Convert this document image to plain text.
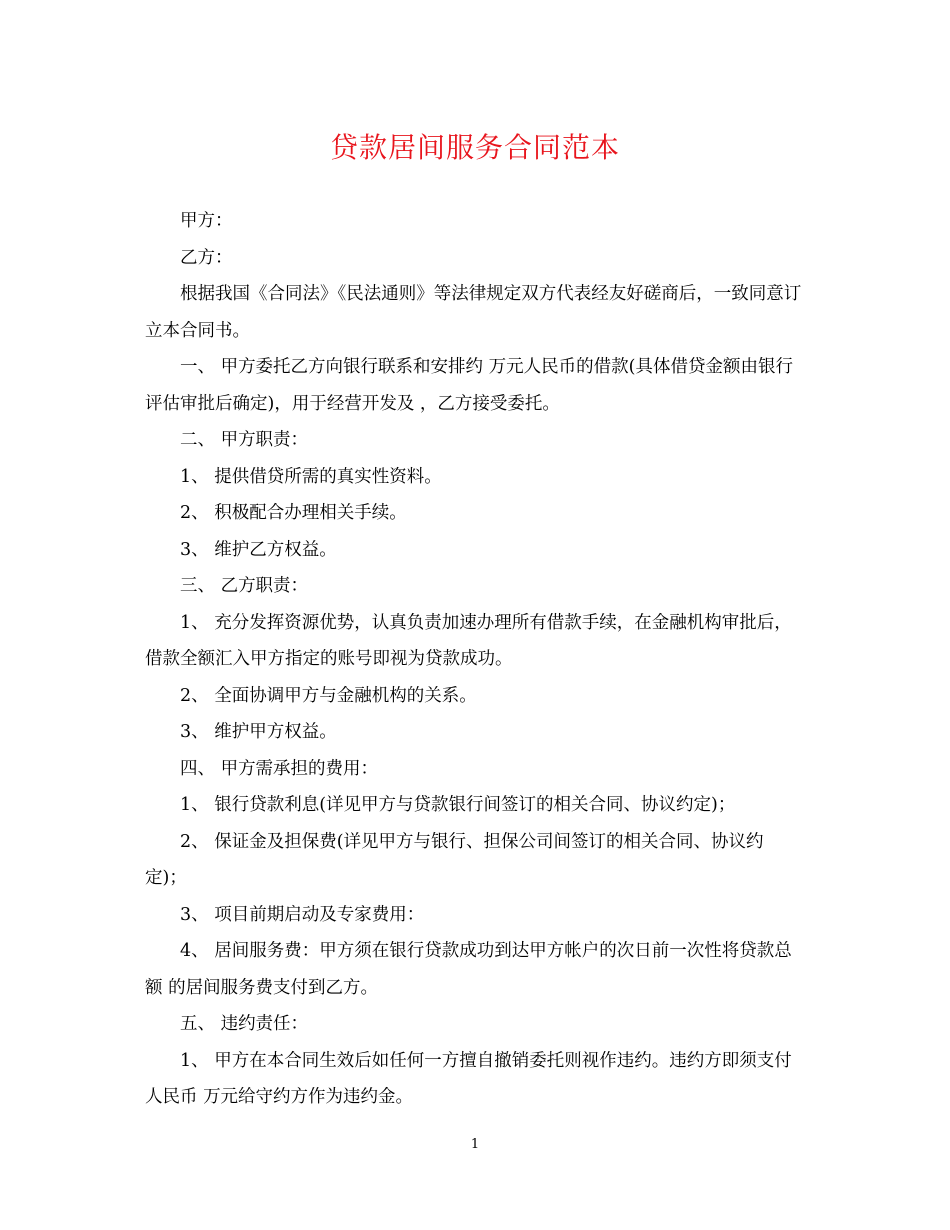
贷款居间服务合同范本

甲方：

乙方：

根据我国《合同法》《民法通则》等法律规定双方代表经友好磋商后，一致同意订立本合同书。

一、 甲方委托乙方向银行联系和安排约 万元人民币的借款(具体借贷金额由银行评估审批后确定)，用于经营开发及 ，乙方接受委托。

二、 甲方职责：

1、 提供借贷所需的真实性资料。

2、 积极配合办理相关手续。

3、 维护乙方权益。

三、 乙方职责：

1、 充分发挥资源优势，认真负责加速办理所有借款手续，在金融机构审批后，借款全额汇入甲方指定的账号即视为贷款成功。

2、 全面协调甲方与金融机构的关系。

3、 维护甲方权益。

四、 甲方需承担的费用：

1、 银行贷款利息(详见甲方与贷款银行间签订的相关合同、协议约定)；

2、 保证金及担保费(详见甲方与银行、担保公司间签订的相关合同、协议约定)；

3、 项目前期启动及专家费用：

4、 居间服务费：甲方须在银行贷款成功到达甲方帐户的次日前一次性将贷款总额 的居间服务费支付到乙方。

五、 违约责任：

1、 甲方在本合同生效后如任何一方擅自撤销委托则视作违约。违约方即须支付人民币 万元给守约方作为违约金。

1
